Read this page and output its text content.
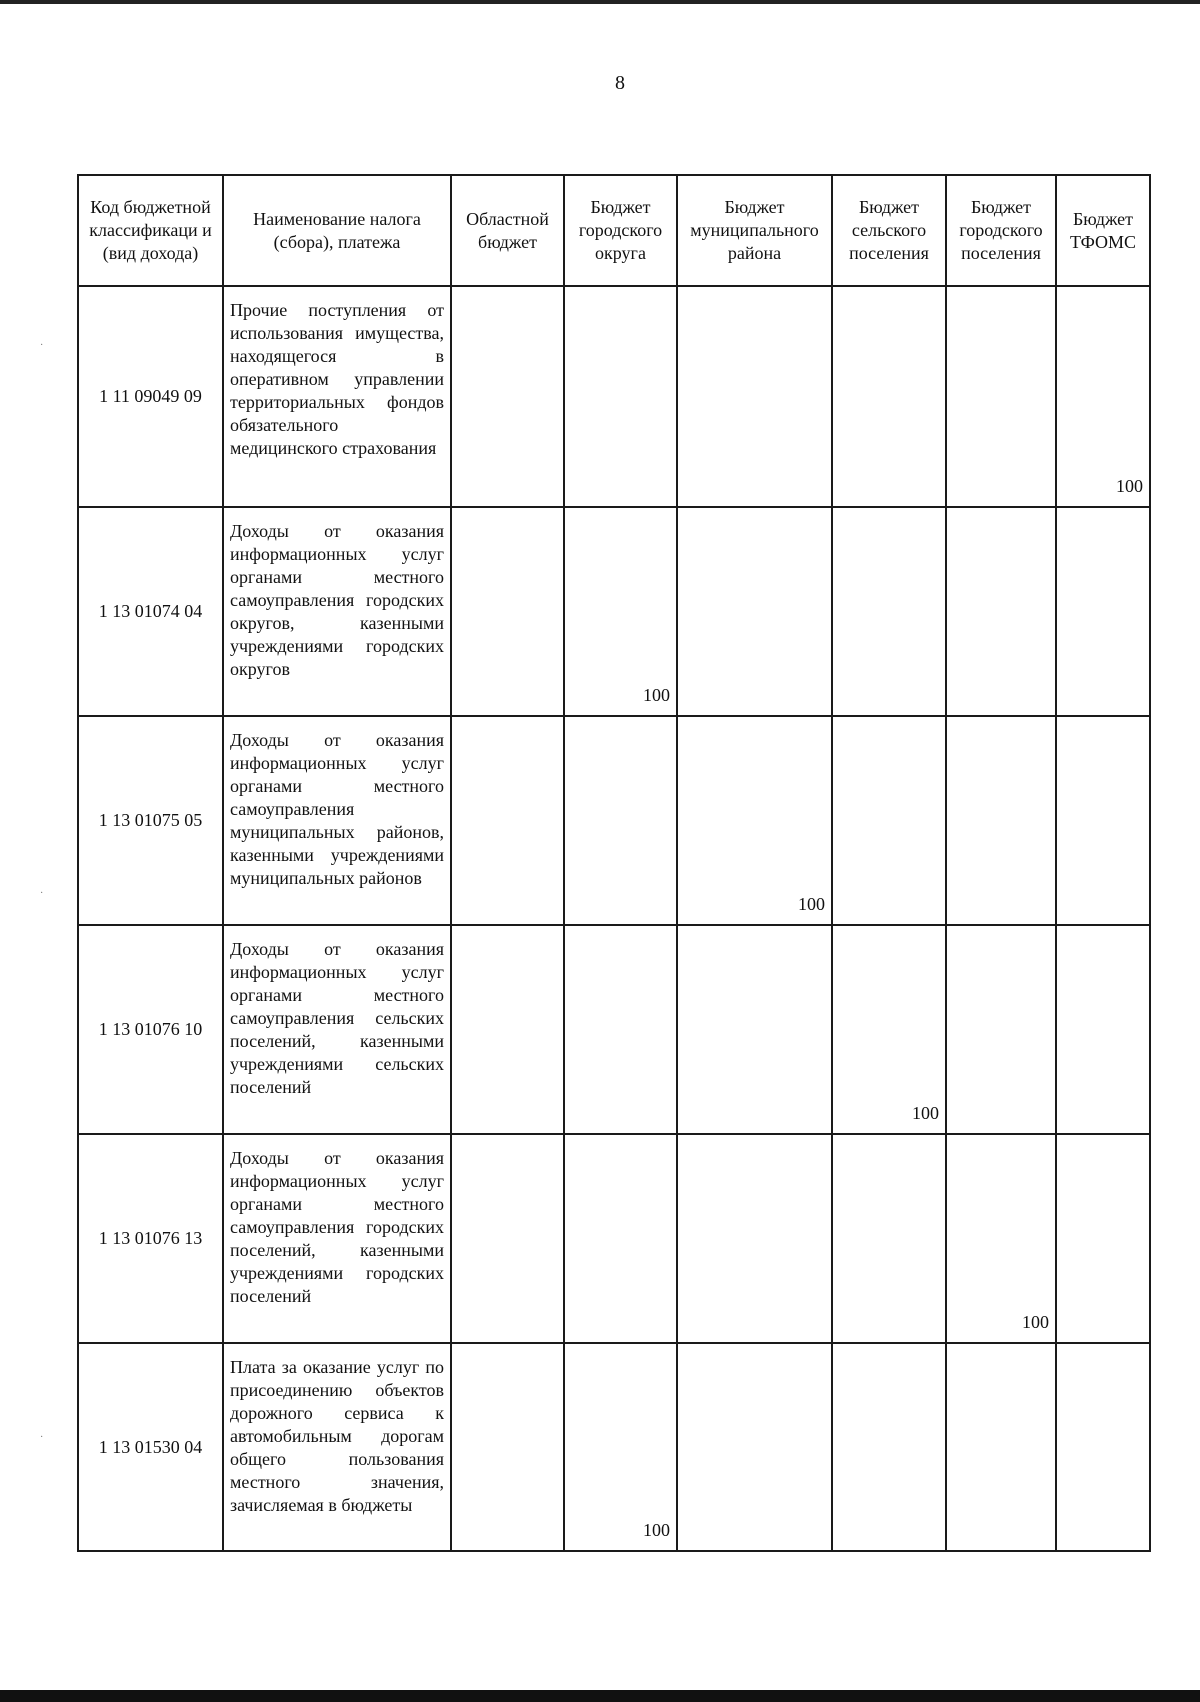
8
·
·
·
Код бюджетной классификаци и (вид дохода)	Наименование налога (сбора), платежа	Областной бюджет	Бюджет городского округа	Бюджет муниципального района	Бюджет сельского поселения	Бюджет городского поселения	Бюджет ТФОМС
1 11 09049 09	Прочие поступления от использования имущества, находящегося в оперативном управлении территориальных фондов обязательного медицинского страхования						100
1 13 01074 04	Доходы от оказания информационных услуг органами местного самоуправления городских округов, казенными учреждениями городских округов		100				
1 13 01075 05	Доходы от оказания информационных услуг органами местного самоуправления муниципальных районов, казенными учреждениями муниципальных районов			100			
1 13 01076 10	Доходы от оказания информационных услуг органами местного самоуправления сельских поселений, казенными учреждениями сельских поселений				100		
1 13 01076 13	Доходы от оказания информационных услуг органами местного самоуправления городских поселений, казенными учреждениями городских поселений					100	
1 13 01530 04	Плата за оказание услуг по присоединению объектов дорожного сервиса к автомобильным дорогам общего пользования местного значения, зачисляемая в бюджеты		100				
